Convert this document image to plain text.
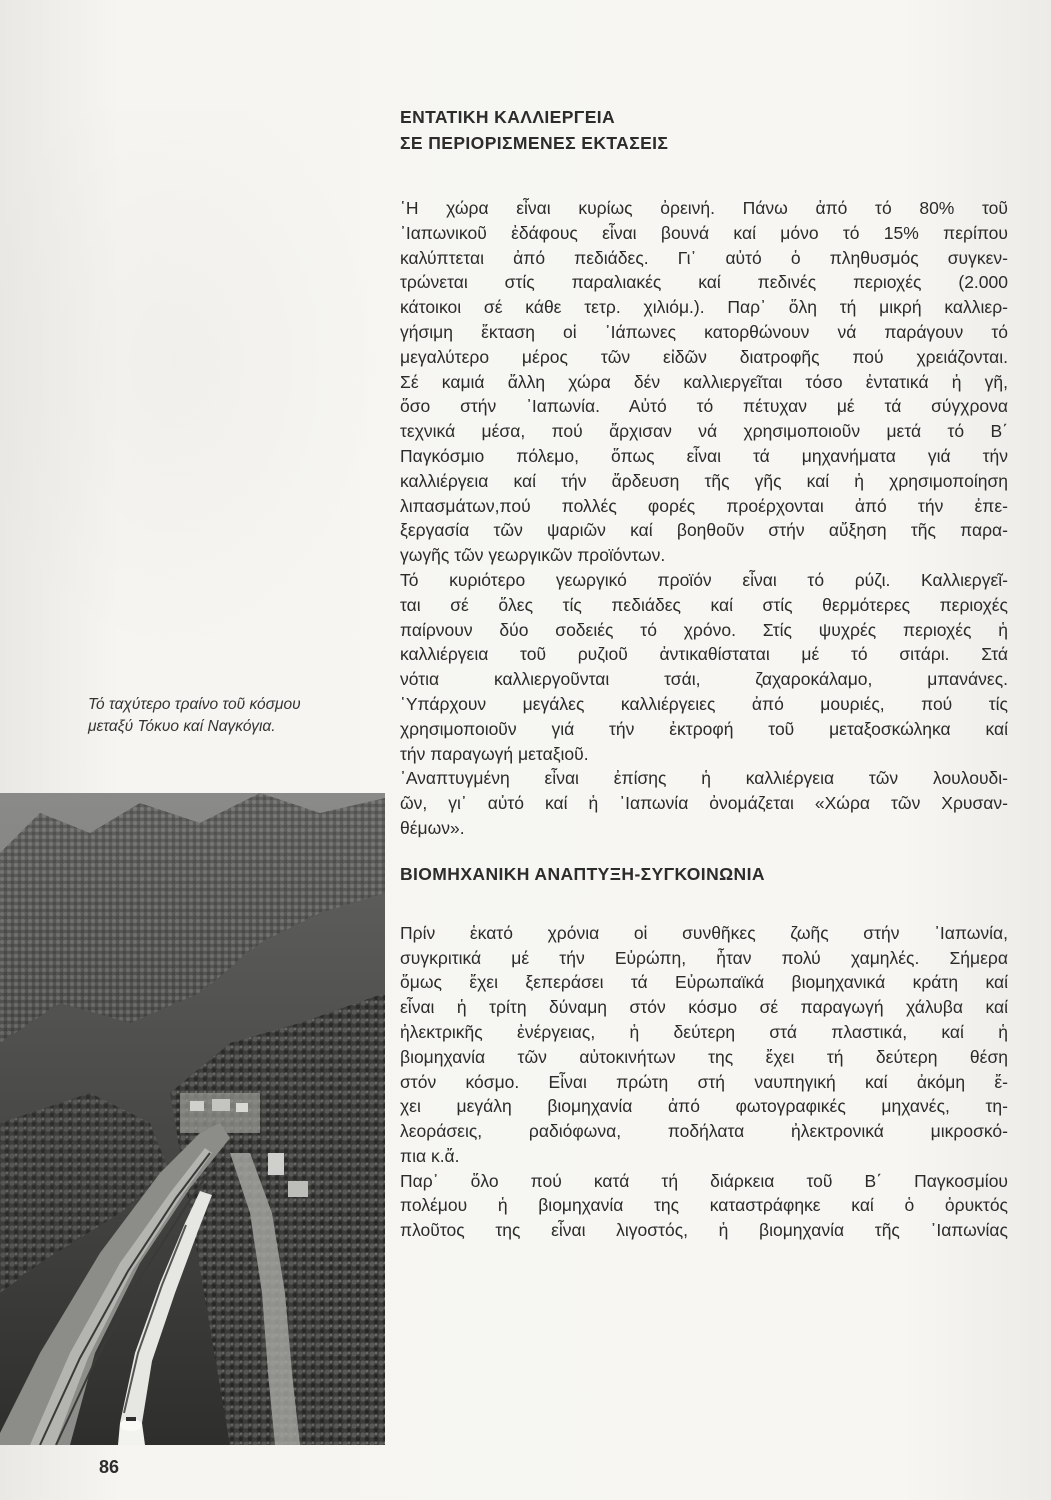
Τό ταχύτερο τραίνο τοῦ κόσμου
μεταξύ Τόκυο καί Ναγκόγια.
86
ΕΝΤΑΤΙΚΗ ΚΑΛΛΙΕΡΓΕΙΑ
ΣΕ ΠΕΡΙΟΡΙΣΜΕΝΕΣ ΕΚΤΑΣΕΙΣ

῾Η χώρα εἶναι κυρίως ὀρεινή. Πάνω ἀπό τό 80% τοῦ
᾿Ιαπωνικοῦ ἐδάφους εἶναι βουνά καί μόνο τό 15% περίπου
καλύπτεται ἀπό πεδιάδες. Γι᾿ αὐτό ὁ πληθυσμός συγκεν-
τρώνεται στίς παραλιακές καί πεδινές περιοχές (2.000
κάτοικοι σέ κάθε τετρ. χιλιόμ.). Παρ᾿ ὅλη τή μικρή καλλιερ-
γήσιμη ἔκταση οἱ ᾿Ιάπωνες κατορθώνουν νά παράγουν τό
μεγαλύτερο μέρος τῶν εἰδῶν διατροφῆς πού χρειάζονται.
Σέ καμιά ἄλλη χώρα δέν καλλιεργεῖται τόσο ἐντατικά ἡ γῆ,
ὅσο στήν ᾿Ιαπωνία. Αὐτό τό πέτυχαν μέ τά σύγχρονα
τεχνικά μέσα, πού ἄρχισαν νά χρησιμοποιοῦν μετά τό Β΄
Παγκόσμιο πόλεμο, ὅπως εἶναι τά μηχανήματα γιά τήν
καλλιέργεια καί τήν ἄρδευση τῆς γῆς καί ἡ χρησιμοποίηση
λιπασμάτων,πού πολλές φορές προέρχονται ἀπό τήν ἐπε-
ξεργασία τῶν ψαριῶν καί βοηθοῦν στήν αὔξηση τῆς παρα-
γωγῆς τῶν γεωργικῶν προϊόντων.

Τό κυριότερο γεωργικό προϊόν εἶναι τό ρύζι. Καλλιεργεῖ-
ται σέ ὅλες τίς πεδιάδες καί στίς θερμότερες περιοχές
παίρνουν δύο σοδειές τό χρόνο. Στίς ψυχρές περιοχές ἡ
καλλιέργεια τοῦ ρυζιοῦ ἀντικαθίσταται μέ τό σιτάρι. Στά
νότια καλλιεργοῦνται τσάι, ζαχαροκάλαμο, μπανάνες.
῾Υπάρχουν μεγάλες καλλιέργειες ἀπό μουριές, πού τίς
χρησιμοποιοῦν γιά τήν ἐκτροφή τοῦ μεταξοσκώληκα καί
τήν παραγωγή μεταξιοῦ.

᾿Αναπτυγμένη εἶναι ἐπίσης ἡ καλλιέργεια τῶν λουλουδι-
ῶν, γι᾿ αὐτό καί ἡ ᾿Ιαπωνία ὀνομάζεται «Χώρα τῶν Χρυσαν-
θέμων».

ΒΙΟΜΗΧΑΝΙΚΗ ΑΝΑΠΤΥΞΗ-ΣΥΓΚΟΙΝΩΝΙΑ

Πρίν ἑκατό χρόνια οἱ συνθῆκες ζωῆς στήν ᾿Ιαπωνία,
συγκριτικά μέ τήν Εὐρώπη, ἦταν πολύ χαμηλές. Σήμερα
ὅμως ἔχει ξεπεράσει τά Εὐρωπαϊκά βιομηχανικά κράτη καί
εἶναι ἡ τρίτη δύναμη στόν κόσμο σέ παραγωγή χάλυβα καί
ἠλεκτρικῆς ἐνέργειας, ἡ δεύτερη στά πλαστικά, καί ἡ
βιομηχανία τῶν αὐτοκινήτων της ἔχει τή δεύτερη θέση
στόν κόσμο. Εἶναι πρώτη στή ναυπηγική καί ἀκόμη ἔ-
χει μεγάλη βιομηχανία ἀπό φωτογραφικές μηχανές, τη-
λεοράσεις, ραδιόφωνα, ποδήλατα ἠλεκτρονικά μικροσκό-
πια κ.ἄ.

Παρ᾿ ὅλο πού κατά τή διάρκεια τοῦ Β΄ Παγκοσμίου
πολέμου ἡ βιομηχανία της καταστράφηκε καί ὁ ὀρυκτός
πλοῦτος της εἶναι λιγοστός, ἡ βιομηχανία τῆς ᾿Ιαπωνίας
